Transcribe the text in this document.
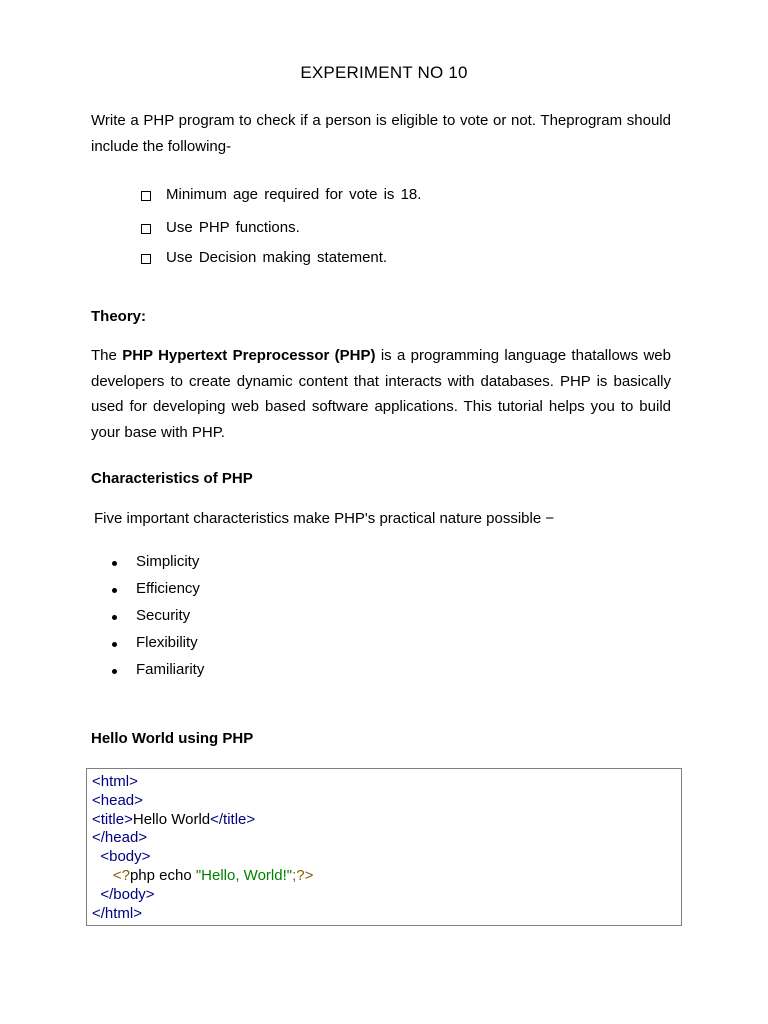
EXPERIMENT NO 10
Write a PHP program to check if a person is eligible to vote or not. Theprogram should include the following-
Minimum age required for vote is 18.
Use PHP functions.
Use Decision making statement.
Theory:
The PHP Hypertext Preprocessor (PHP) is a programming language thatallows web developers to create dynamic content that interacts with databases. PHP is basically used for developing web based software applications. This tutorial helps you to build your base with PHP.
Characteristics of PHP
Five important characteristics make PHP's practical nature possible −
Simplicity
Efficiency
Security
Flexibility
Familiarity
Hello World using PHP
<html>
<head>
<title>Hello World</title>
</head>
<body>
<?php echo "Hello, World!";?>
</body>
</html>
